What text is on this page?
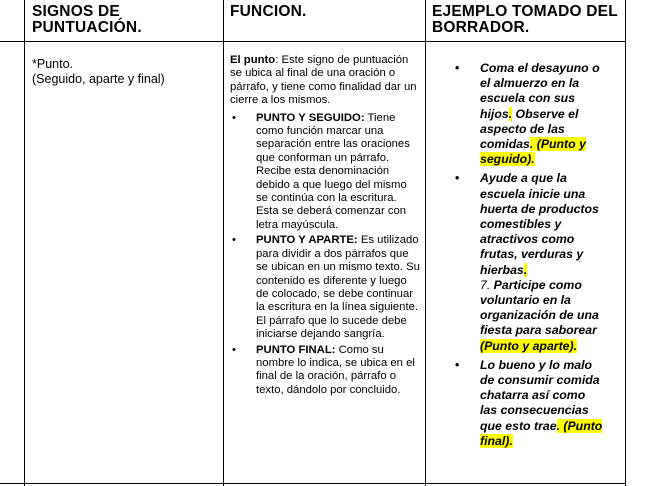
SIGNOS DE PUNTUACIÓN.
FUNCION.	EJEMPLO TOMADO DEL BORRADOR.
*Punto.
(Seguido, aparte y final)

El punto: Este signo de puntuación se ubica al final de una oración o párrafo, y tiene como finalidad dar un cierre a los mismos.

• PUNTO Y SEGUIDO: Tiene como función marcar una separación entre las oraciones que conforman un párrafo. Recibe esta denominación debido a que luego del mismo se continúa con la escritura. Esta se deberá comenzar con letra mayúscula.
• PUNTO Y APARTE: Es utilizado para dividir a dos párrafos que se ubican en un mismo texto. Su contenido es diferente y luego de colocado, se debe continuar la escritura en la línea siguiente. El párrafo que lo sucede debe iniciarse dejando sangría.
• PUNTO FINAL: Como su nombre lo indica, se ubica en el final de la oración, párrafo o texto, dándolo por concluido.
• Coma el desayuno o el almuerzo en la escuela con sus hijos. Observe el aspecto de las comidas. (Punto y seguido).
• Ayude a que la escuela inicie una huerta de productos comestibles y atractivos como frutas, verduras y hierbas.
7. Participe como voluntario en la organización de una fiesta para saborear (Punto y aparte).
• Lo bueno y lo malo de consumir comida chatarra así como las consecuencias que esto trae. (Punto final).
